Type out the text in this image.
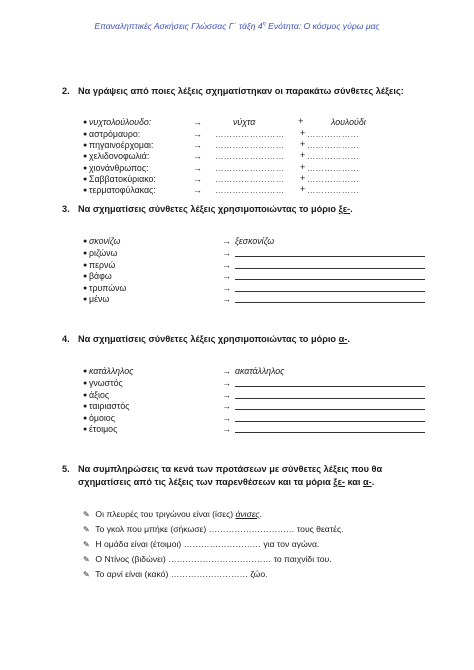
Επαναληπτικές Ασκήσεις Γλώσσας Γ΄ τάξη $4^\eta$ Ενότητα: Ο κόσμος γύρω μας
2. Να γράψεις από ποιες λέξεις σχηματίστηκαν οι παρακάτω σύνθετες λέξεις:
● νυχτολούλουδο:	→	νύχτα	+	λουλούδι
● αστρόμαυρο:	→ …………………… + ………………
● πηγαινοέρχομαι:	→ …………………… + ………………
● χελιδονοφωλιά:	→ …………………… + ………………
● χιονάνθρωπος:	→ …………………… + ………………
● Σαββατοκύριακο:	→ …………………… + ………………
● τερματοφύλακας:	→ …………………… + ………………
3. Να σχηματίσεις σύνθετες λέξεις χρησιμοποιώντας το μόριο ξε-.
● σκονίζω	→ ξεσκονίζω
● ριζώνω	→
● περνώ	→
● βάφω	→
● τρυπώνω	→
● μένω	→
4. Να σχηματίσεις σύνθετες λέξεις χρησιμοποιώντας το μόριο α-.
● κατάλληλος	→ ακατάλληλος
● γνωστός	→
● άξιος	→
● ταιριαστός	→
● όμοιος	→
● έτοιμος	→
5. Να συμπληρώσεις τα κενά των προτάσεων με σύνθετες λέξεις που θα
σχηματίσεις από τις λέξεις των παρενθέσεων και τα μόρια ξε- και α-.
✎ Οι πλευρές του τριγώνου είναι (ίσες) άνισες.
✎ Το γκολ που μπήκε (σήκωσε) ………………………… τους θεατές.
✎ Η ομάδα είναι (έτοιμοι) ……………………… για τον αγώνα.
✎ Ο Ντίνος (βιδώνει) ……………………………… το παιχνίδι του.
✎ Το αρνί είναι (κακό) ……………………… ζώο.
